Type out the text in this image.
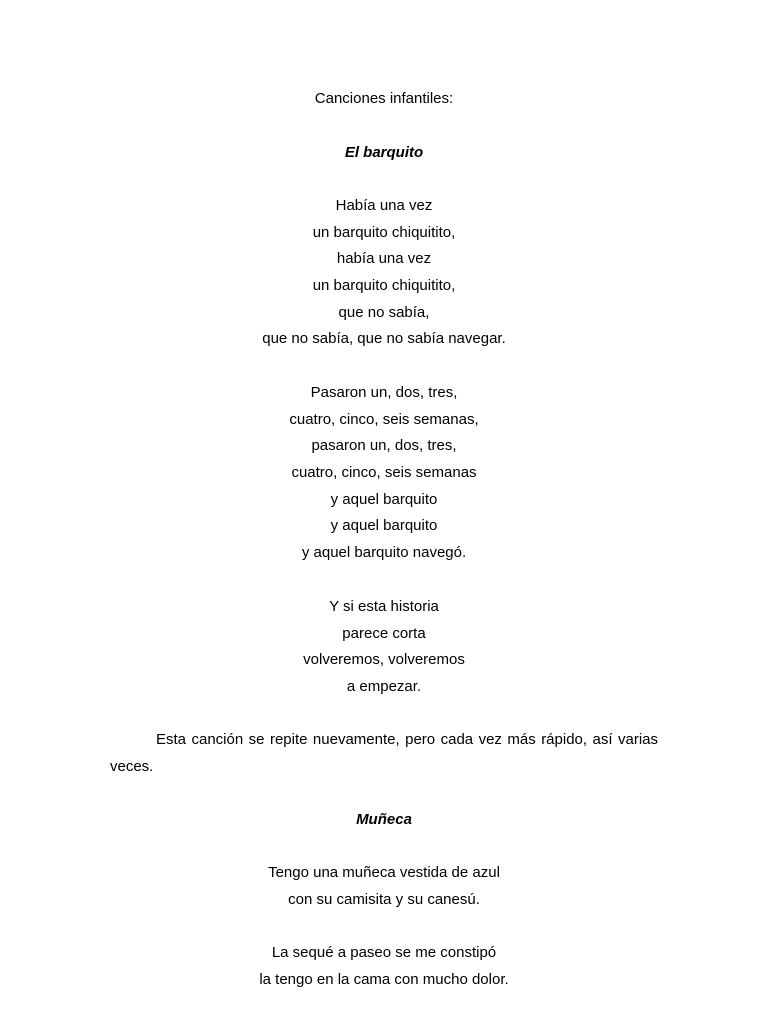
Canciones infantiles:

El barquito

Había una vez
un barquito chiquitito,
había una vez
un barquito chiquitito,
que no sabía,
que no sabía, que no sabía navegar.
Pasaron un, dos, tres,
cuatro, cinco, seis semanas,
pasaron un, dos, tres,
cuatro, cinco, seis semanas
y aquel barquito
y aquel barquito
y aquel barquito navegó.
Y si esta historia
parece corta
volveremos, volveremos
a empezar.

Esta canción se repite nuevamente, pero cada vez más rápido, así varias veces.

Muñeca

Tengo una muñeca vestida de azul
con su camisita y su canesú.
La sequé a paseo se me constipó
la tengo en la cama con mucho dolor.
